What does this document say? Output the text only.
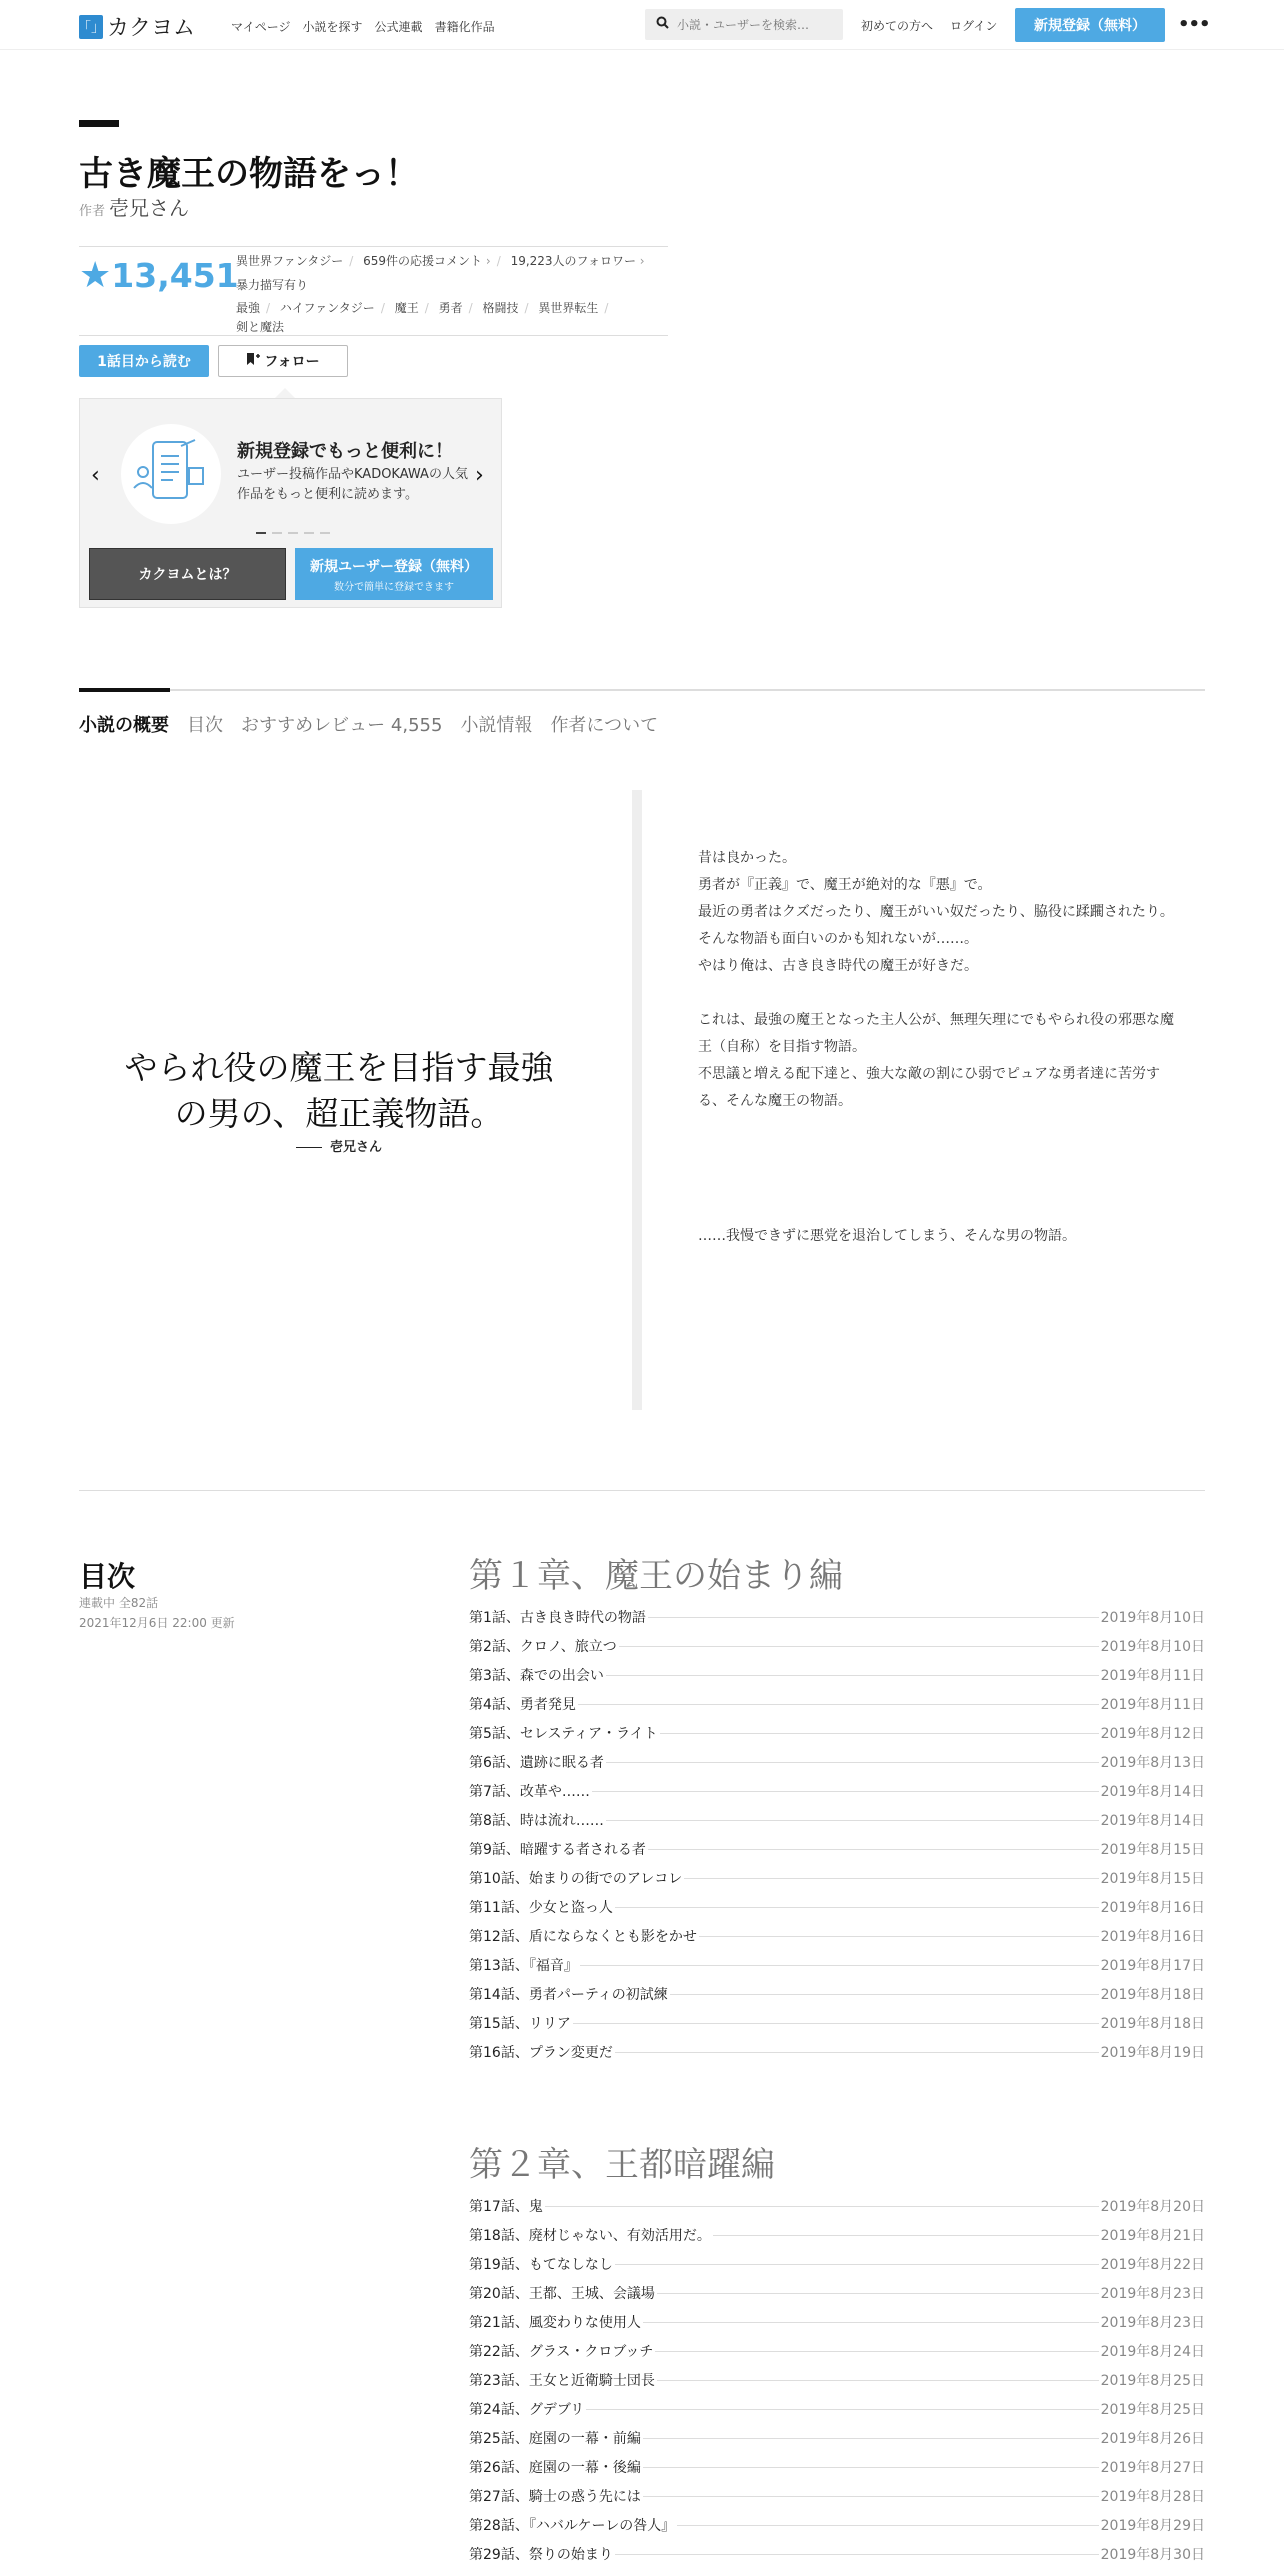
「」 カクヨム	マイページ 小説を探す 公式連載 書籍化作品
小説・ユーザーを検索…	初めての方へ ログイン	新規登録（無料）	•••
古き魔王の物語をっ！
作者 壱兄さん
★13,451
異世界ファンタジー / 659件の応援コメント › / 19,223人のフォロワー ›
暴力描写有り
最強 / ハイファンタジー / 魔王 / 勇者 / 格闘技 / 異世界転生 /
剣と魔法
1話目から読む	フォロー
‹
新規登録でもっと便利に！
ユーザー投稿作品やKADOKAWAの人気作品をもっと便利に読めます。
›
カクヨムとは？
新規ユーザー登録（無料）
数分で簡単に登録できます
小説の概要 目次 おすすめレビュー 4,555 小説情報 作者について
やられ役の魔王を目指す最強
の男の、超正義物語。
壱兄さん

昔は良かった。

勇者が『正義』で、魔王が絶対的な『悪』で。

最近の勇者はクズだったり、魔王がいい奴だったり、脇役に蹂躙されたり。そんな物語も面白いのかも知れないが……。

やはり俺は、古き良き時代の魔王が好きだ。

これは、最強の魔王となった主人公が、無理矢理にでもやられ役の邪悪な魔王（自称）を目指す物語。

不思議と増える配下達と、強大な敵の割にひ弱でピュアな勇者達に苦労する、そんな魔王の物語。

……我慢できずに悪党を退治してしまう、そんな男の物語。

目次
連載中 全82話
2021年12月6日 22:00 更新
第１章、魔王の始まり編
第1話、古き良き時代の物語	2019年8月10日
第2話、クロノ、旅立つ	2019年8月10日
第3話、森での出会い	2019年8月11日
第4話、勇者発見	2019年8月11日
第5話、セレスティア・ライト	2019年8月12日
第6話、遺跡に眠る者	2019年8月13日
第7話、改革や……	2019年8月14日
第8話、時は流れ……	2019年8月14日
第9話、暗躍する者される者	2019年8月15日
第10話、始まりの街でのアレコレ	2019年8月15日
第11話、少女と盗っ人	2019年8月16日
第12話、盾にならなくとも影をかせ	2019年8月16日
第13話、『福音』	2019年8月17日
第14話、勇者パーティの初試練	2019年8月18日
第15話、リリア	2019年8月18日
第16話、プラン変更だ	2019年8月19日
第２章、王都暗躍編
第17話、鬼	2019年8月20日
第18話、廃材じゃない、有効活用だ。	2019年8月21日
第19話、もてなしなし	2019年8月22日
第20話、王都、王城、会議場	2019年8月23日
第21話、風変わりな使用人	2019年8月23日
第22話、グラス・クロブッチ	2019年8月24日
第23話、王女と近衛騎士団長	2019年8月25日
第24話、グデブリ	2019年8月25日
第25話、庭園の一幕・前編	2019年8月26日
第26話、庭園の一幕・後編	2019年8月27日
第27話、騎士の惑う先には	2019年8月28日
第28話、『ハバルケーレの咎人』	2019年8月29日
第29話、祭りの始まり	2019年8月30日
